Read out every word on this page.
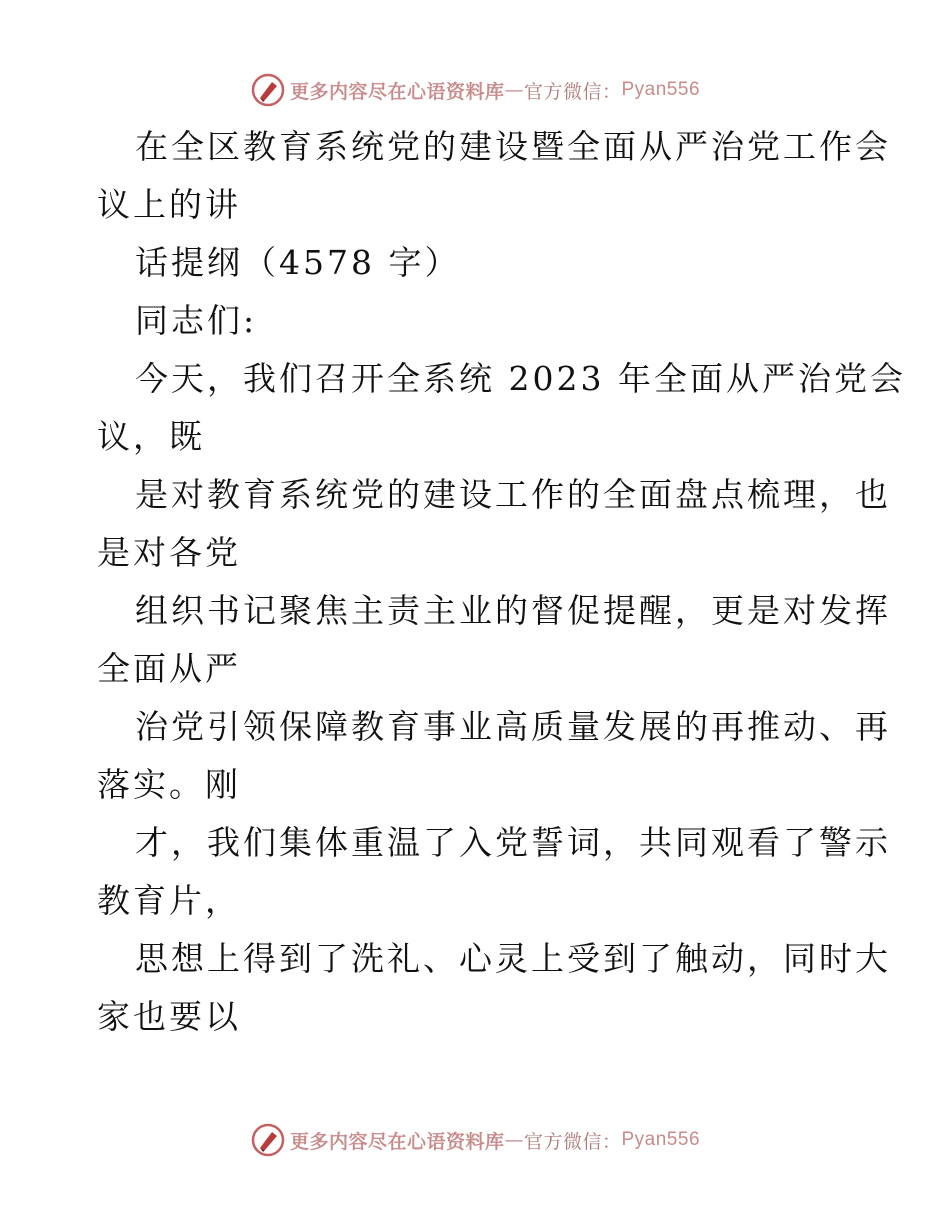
更多内容尽在心语资料库 — 官方微信： Pyan556
在全区教育系统党的建设暨全面从严治党工作会
议上的讲
话提纲（4578 字）
同志们:
今天，我们召开全系统 2023 年全面从严治党会
议，既
是对教育系统党的建设工作的全面盘点梳理，也
是对各党
组织书记聚焦主责主业的督促提醒，更是对发挥
全面从严
治党引领保障教育事业高质量发展的再推动、再
落实。刚
才，我们集体重温了入党誓词，共同观看了警示
教育片，
思想上得到了洗礼、心灵上受到了触动，同时大
家也要以
更多内容尽在心语资料库 — 官方微信： Pyan556
